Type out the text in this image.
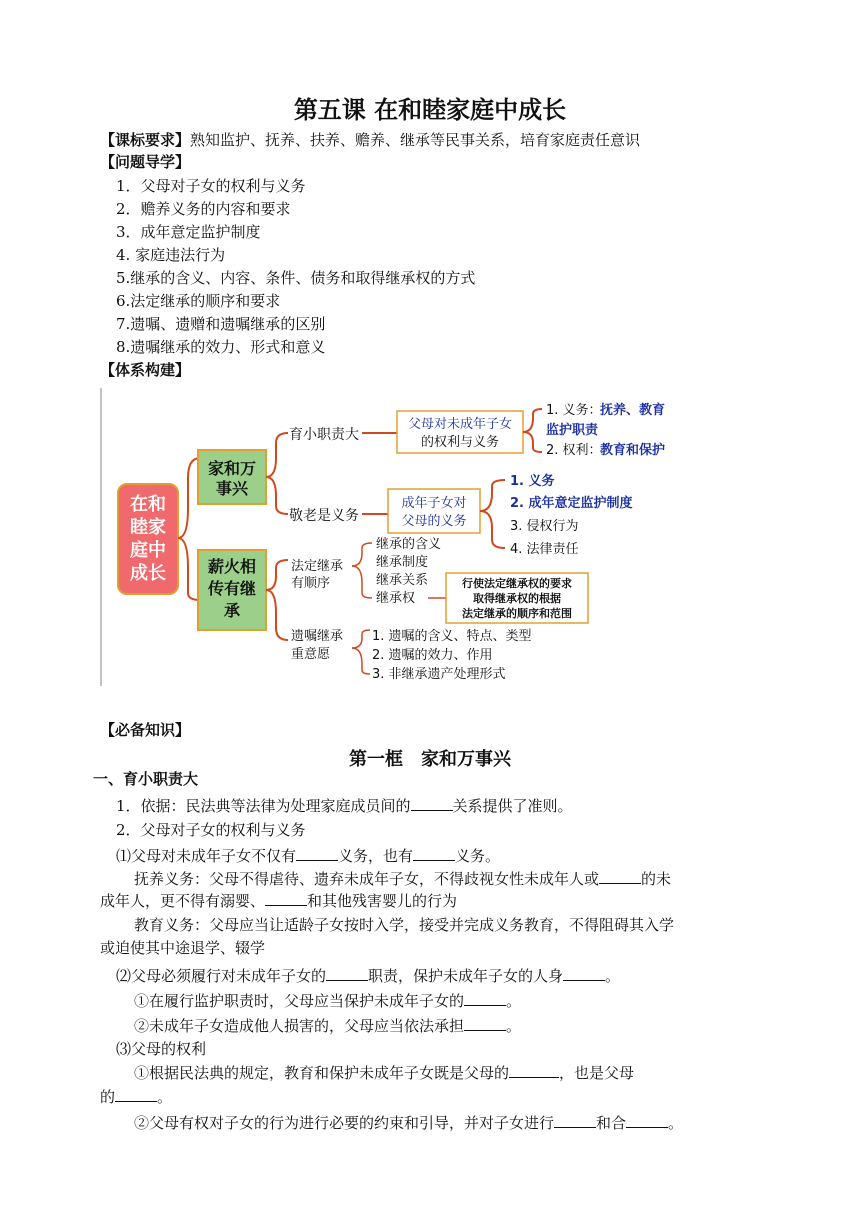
第五课 在和睦家庭中成长
【课标要求】熟知监护、抚养、扶养、赡养、继承等民事关系，培育家庭责任意识
【问题导学】
1．父母对子女的权利与义务
2．赡养义务的内容和要求
3．成年意定监护制度
4. 家庭违法行为
5.继承的含义、内容、条件、债务和取得继承权的方式
6.法定继承的顺序和要求
7.遗嘱、遗赠和遗嘱继承的区别
8.遗嘱继承的效力、形式和意义
【体系构建】
在和
睦家
庭中
成长
家和万
事兴
薪火相
传有继
承
育小职责大
父母对未成年子女
的权利与义务
1. 义务：
抚养、教育
监护职责
2. 权利：
教育和保护
敬老是义务
成年子女对
父母的义务
1. 义务
2. 成年意定监护制度
3. 侵权行为
4. 法律责任
法定继承
有顺序
继承的含义
继承制度
继承关系
继承权
行使法定继承权的要求
取得继承权的根据
法定继承的顺序和范围
遗嘱继承
重意愿
1. 遗嘱的含义、特点、类型
2. 遗嘱的效力、作用
3. 非继承遗产处理形式
【必备知识】
第一框　家和万事兴
一、育小职责大
1．依据：民法典等法律为处理家庭成员间的	关系提供了准则。
2．父母对子女的权利与义务
⑴父母对未成年子女不仅有	义务，也有	义务。
抚养义务：父母不得虐待、遗弃未成年子女，不得歧视女性未成年人或	的未
成年人，更不得有溺婴、	和其他残害婴儿的行为
教育义务：父母应当让适龄子女按时入学，接受并完成义务教育，不得阻碍其入学
或迫使其中途退学、辍学
⑵父母必须履行对未成年子女的	职责，保护未成年子女的人身	。
①在履行监护职责时，父母应当保护未成年子女的	。
②未成年子女造成他人损害的，父母应当依法承担	。
⑶父母的权利
①根据民法典的规定，教育和保护未成年子女既是父母的	，也是父母
的	。
②父母有权对子女的行为进行必要的约束和引导，并对子女进行	和合	。
